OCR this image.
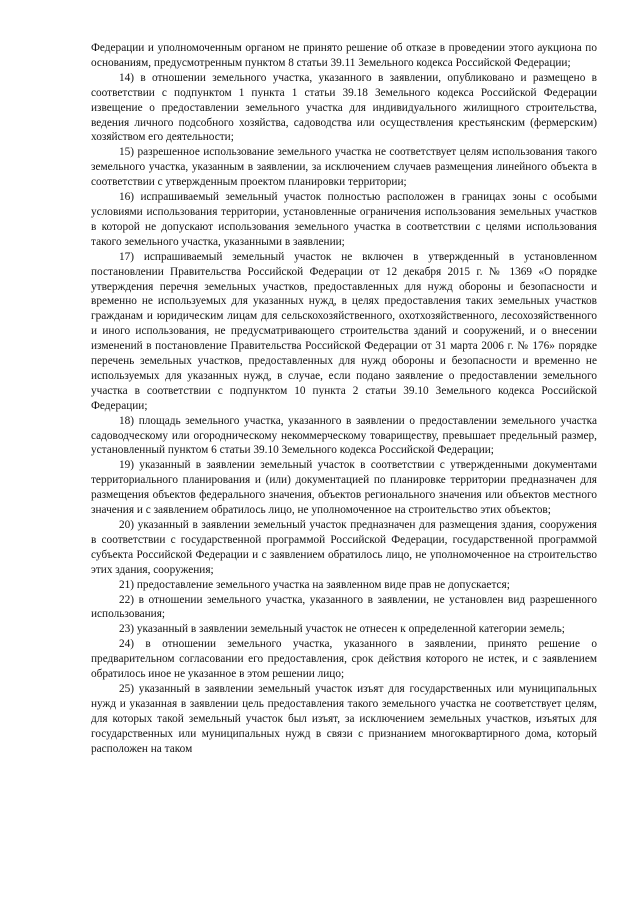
Федерации и уполномоченным органом не принято решение об отказе в проведении этого аукциона по основаниям, предусмотренным пунктом 8 статьи 39.11 Земельного кодекса Российской Федерации;

14) в отношении земельного участка, указанного в заявлении, опубликовано и размещено в соответствии с подпунктом 1 пункта 1 статьи 39.18 Земельного кодекса Российской Федерации извещение о предоставлении земельного участка для индивидуального жилищного строительства, ведения личного подсобного хозяйства, садоводства или осуществления крестьянским (фермерским) хозяйством его деятельности;

15) разрешенное использование земельного участка не соответствует целям использования такого земельного участка, указанным в заявлении, за исключением случаев размещения линейного объекта в соответствии с утвержденным проектом планировки территории;

16) испрашиваемый земельный участок полностью расположен в границах зоны с особыми условиями использования территории, установленные ограничения использования земельных участков в которой не допускают использования земельного участка в соответствии с целями использования такого земельного участка, указанными в заявлении;

17) испрашиваемый земельный участок не включен в утвержденный в установленном постановлении Правительства Российской Федерации от 12 декабря 2015 г. № 1369 «О порядке утверждения перечня земельных участков, предоставленных для нужд обороны и безопасности и временно не используемых для указанных нужд, в целях предоставления таких земельных участков гражданам и юридическим лицам для сельскохозяйственного, охотхозяйственного, лесохозяйственного и иного использования, не предусматривающего строительства зданий и сооружений, и о внесении изменений в постановление Правительства Российской Федерации от 31 марта 2006 г. № 176» порядке перечень земельных участков, предоставленных для нужд обороны и безопасности и временно не используемых для указанных нужд, в случае, если подано заявление о предоставлении земельного участка в соответствии с подпунктом 10 пункта 2 статьи 39.10 Земельного кодекса Российской Федерации;

18) площадь земельного участка, указанного в заявлении о предоставлении земельного участка садоводческому или огородническому некоммерческому товариществу, превышает предельный размер, установленный пунктом 6 статьи 39.10 Земельного кодекса Российской Федерации;

19) указанный в заявлении земельный участок в соответствии с утвержденными документами территориального планирования и (или) документацией по планировке территории предназначен для размещения объектов федерального значения, объектов регионального значения или объектов местного значения и с заявлением обратилось лицо, не уполномоченное на строительство этих объектов;

20) указанный в заявлении земельный участок предназначен для размещения здания, сооружения в соответствии с государственной программой Российской Федерации, государственной программой субъекта Российской Федерации и с заявлением обратилось лицо, не уполномоченное на строительство этих здания, сооружения;

21) предоставление земельного участка на заявленном виде прав не допускается;

22) в отношении земельного участка, указанного в заявлении, не установлен вид разрешенного использования;

23) указанный в заявлении земельный участок не отнесен к определенной категории земель;

24) в отношении земельного участка, указанного в заявлении, принято решение о предварительном согласовании его предоставления, срок действия которого не истек, и с заявлением обратилось иное не указанное в этом решении лицо;

25) указанный в заявлении земельный участок изъят для государственных или муниципальных нужд и указанная в заявлении цель предоставления такого земельного участка не соответствует целям, для которых такой земельный участок был изъят, за исключением земельных участков, изъятых для государственных или муниципальных нужд в связи с признанием многоквартирного дома, который расположен на таком
